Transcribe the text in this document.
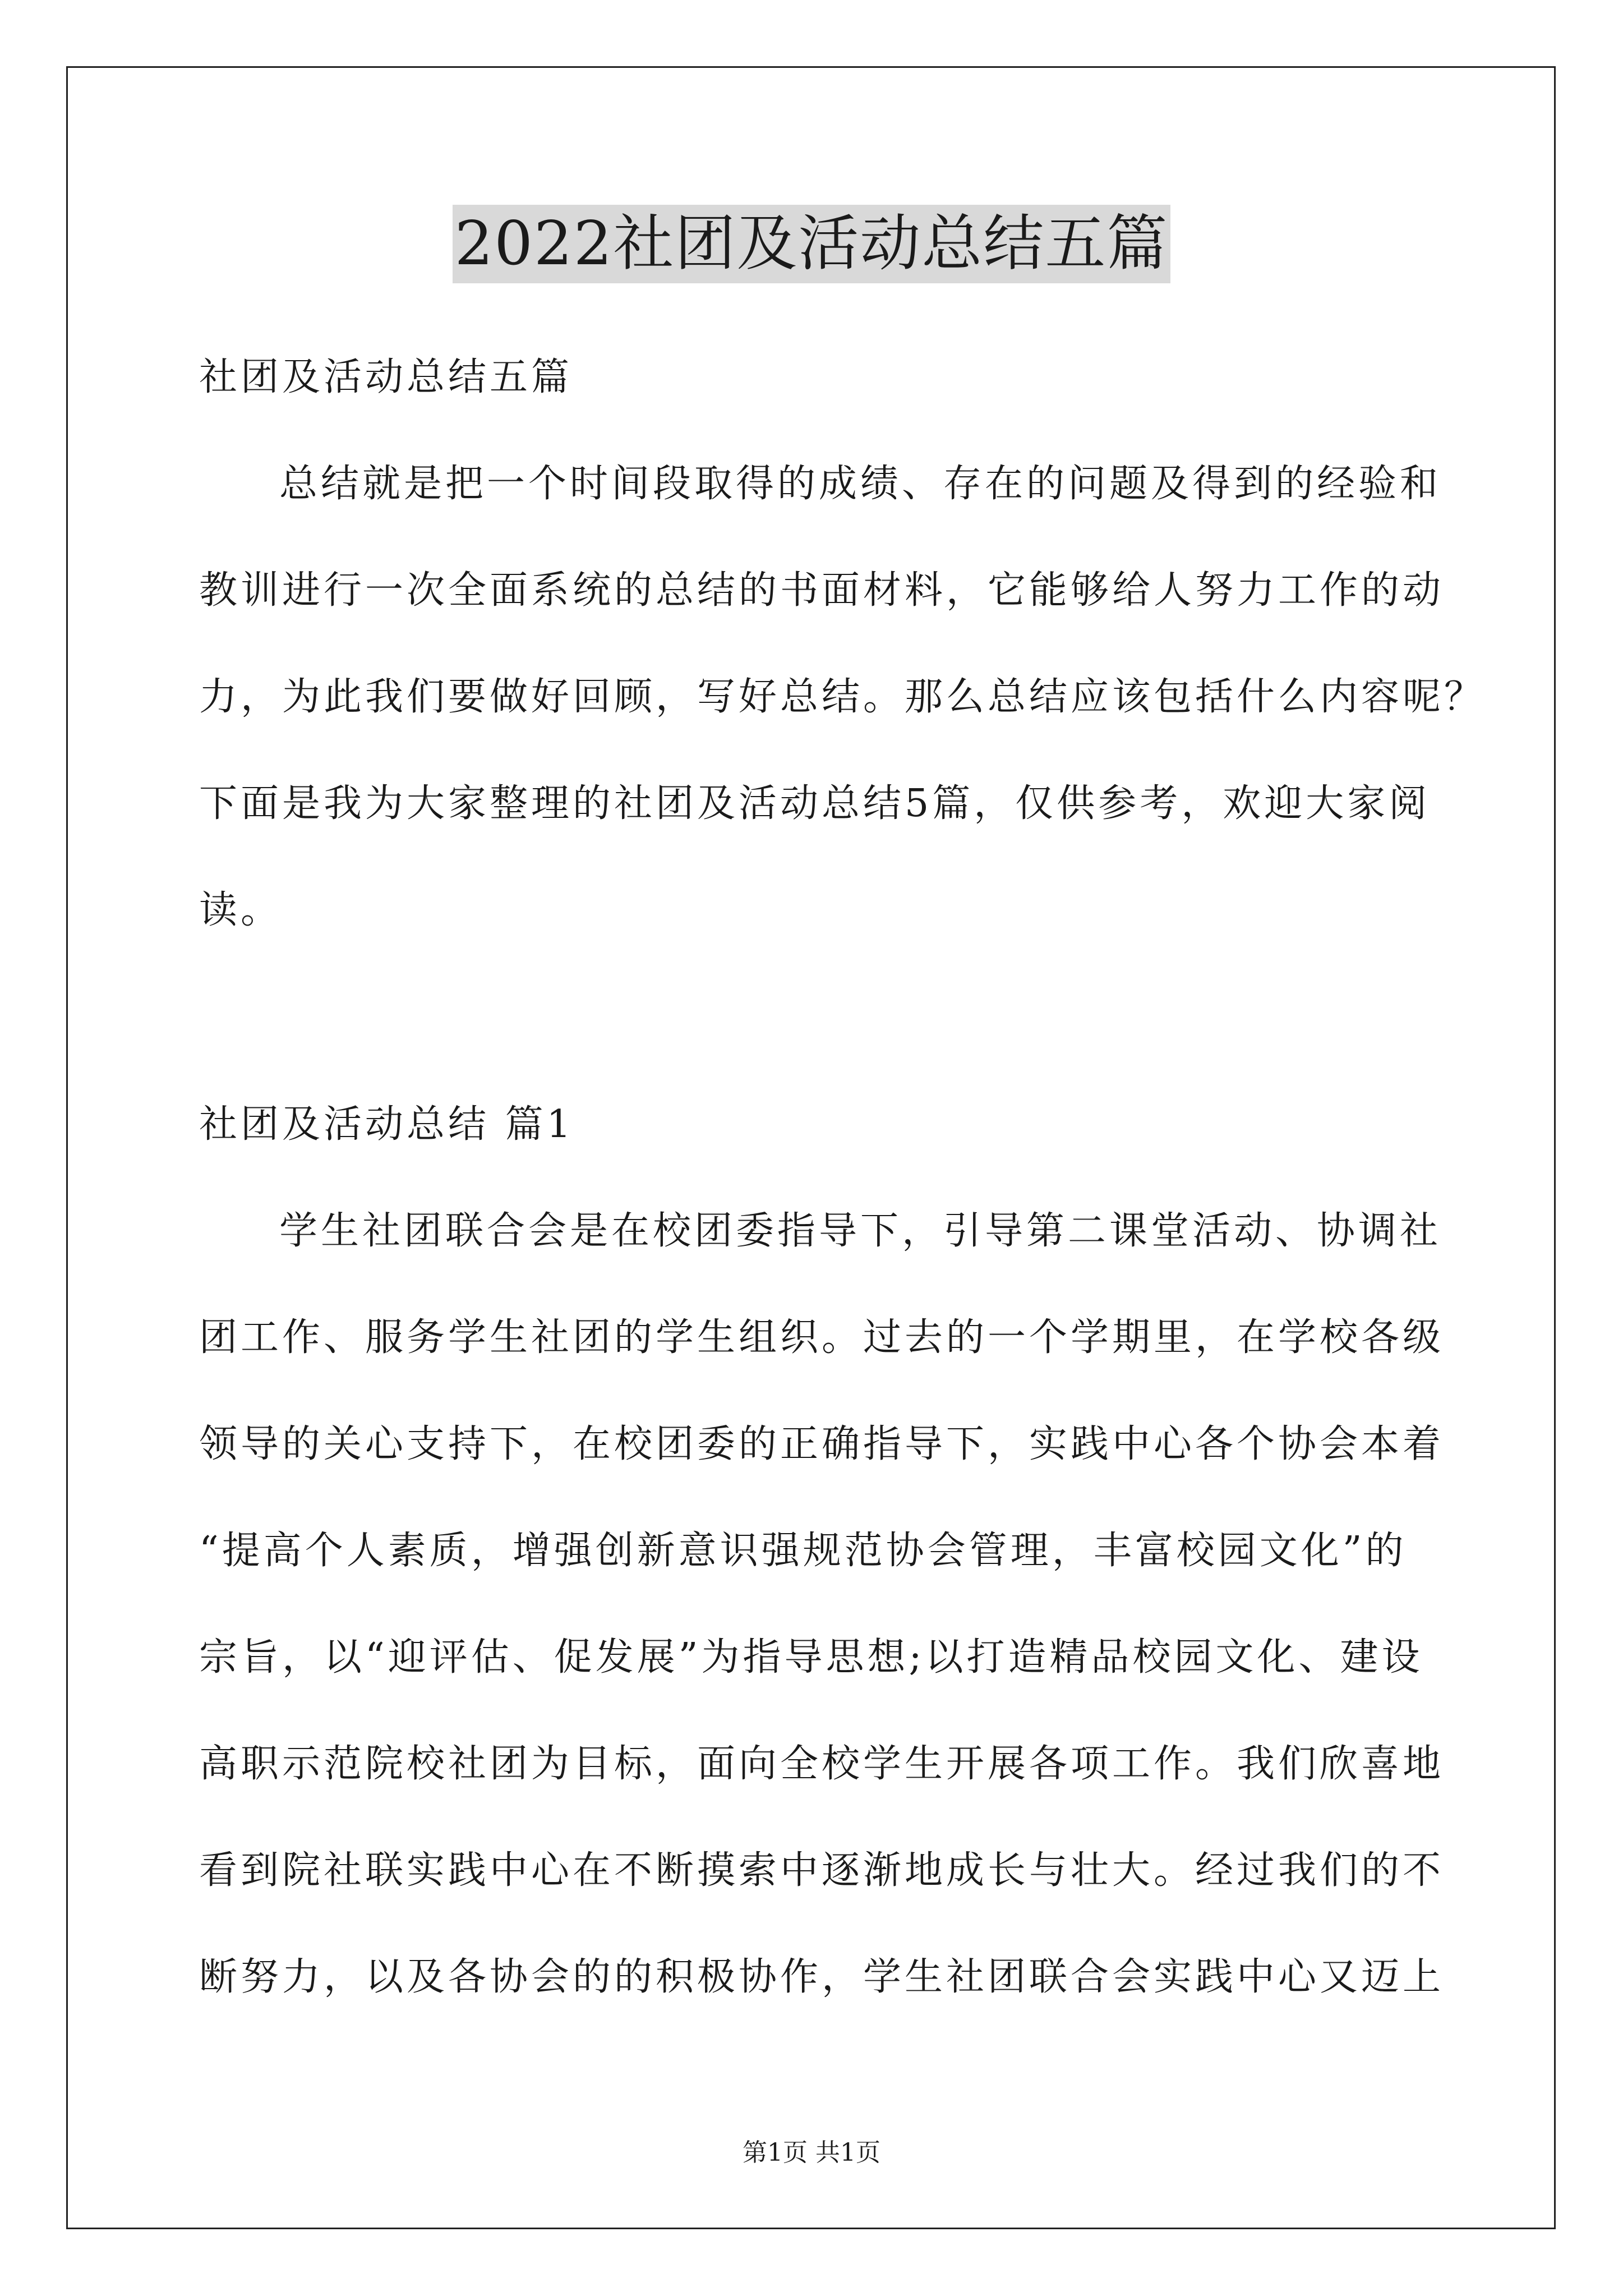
2022社团及活动总结五篇
社团及活动总结五篇
总结就是把一个时间段取得的成绩、存在的问题及得到的经验和
教训进行一次全面系统的总结的书面材料，它能够给人努力工作的动
力，为此我们要做好回顾，写好总结。那么总结应该包括什么内容呢？
下面是我为大家整理的社团及活动总结5篇，仅供参考，欢迎大家阅
读。
社团及活动总结 篇1
学生社团联合会是在校团委指导下，引导第二课堂活动、协调社
团工作、服务学生社团的学生组织。过去的一个学期里，在学校各级
领导的关心支持下，在校团委的正确指导下，实践中心各个协会本着
“提高个人素质，增强创新意识强规范协会管理，丰富校园文化”的
宗旨，以“迎评估、促发展”为指导思想;以打造精品校园文化、建设
高职示范院校社团为目标，面向全校学生开展各项工作。我们欣喜地
看到院社联实践中心在不断摸索中逐渐地成长与壮大。经过我们的不
断努力，以及各协会的的积极协作，学生社团联合会实践中心又迈上
第1页 共1页
